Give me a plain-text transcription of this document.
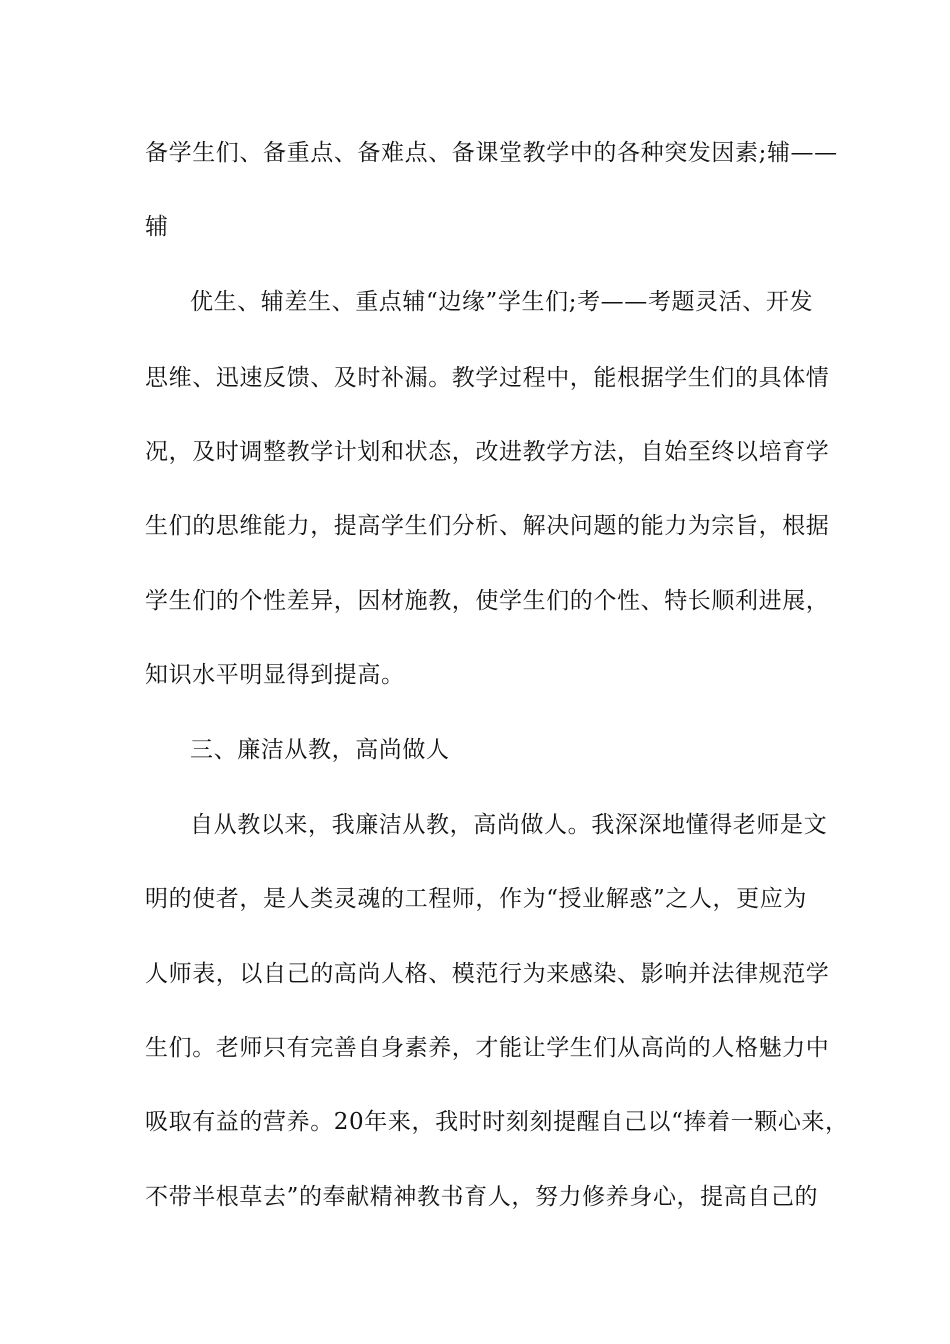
备学生们、备重点、备难点、备课堂教学中的各种突发因素;辅——
辅
优生、辅差生、重点辅“边缘”学生们;考——考题灵活、开发
思维、迅速反馈、及时补漏。教学过程中，能根据学生们的具体情
况，及时调整教学计划和状态，改进教学方法，自始至终以培育学
生们的思维能力，提高学生们分析、解决问题的能力为宗旨，根据
学生们的个性差异，因材施教，使学生们的个性、特长顺利进展，
知识水平明显得到提高。
三、廉洁从教，高尚做人
自从教以来，我廉洁从教，高尚做人。我深深地懂得老师是文
明的使者，是人类灵魂的工程师，作为“授业解惑”之人，更应为
人师表，以自己的高尚人格、模范行为来感染、影响并法律规范学
生们。老师只有完善自身素养，才能让学生们从高尚的人格魅力中
吸取有益的营养。20年来，我时时刻刻提醒自己以“捧着一颗心来，
不带半根草去”的奉献精神教书育人，努力修养身心，提高自己的
